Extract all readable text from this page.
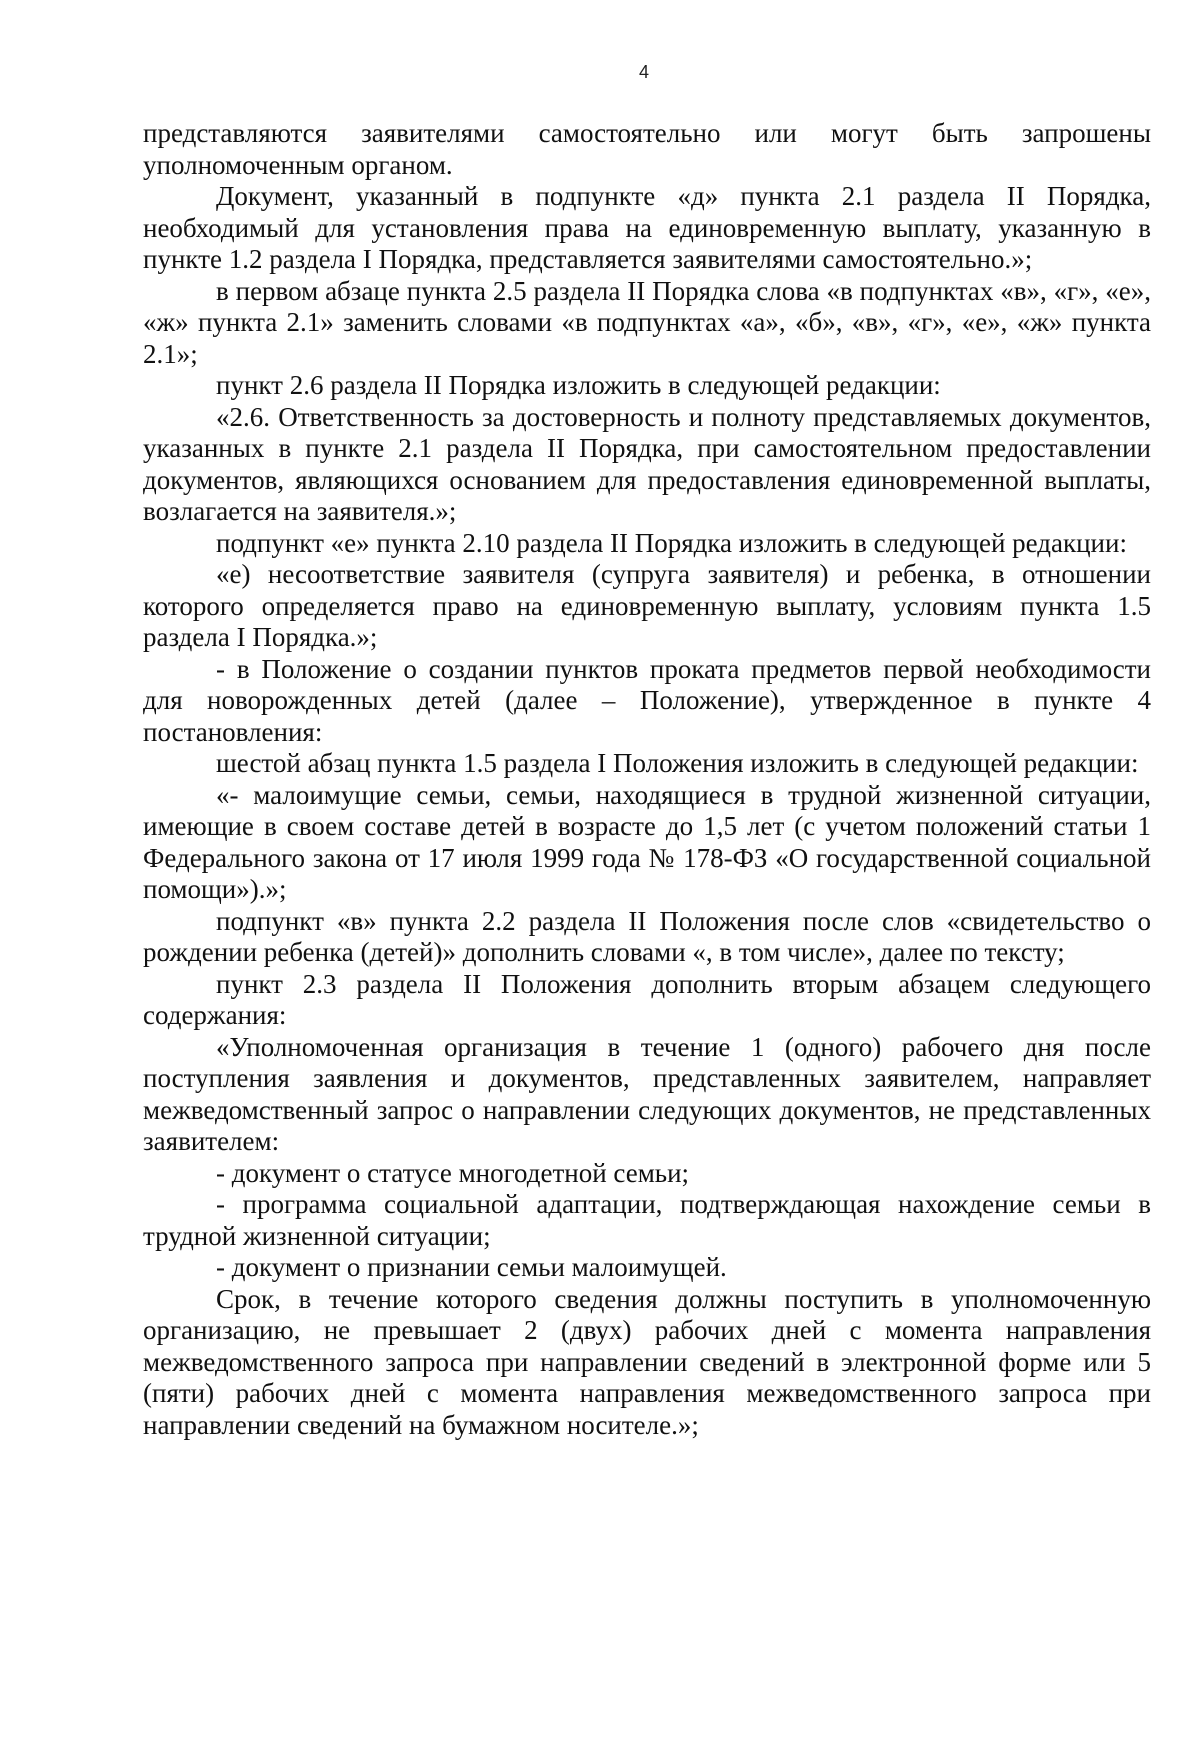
4

представляются заявителями самостоятельно или могут быть запрошены уполномоченным органом.

Документ, указанный в подпункте «д» пункта 2.1 раздела II Порядка, необходимый для установления права на единовременную выплату, указанную в пункте 1.2 раздела I Порядка, представляется заявителями самостоятельно.»;

в первом абзаце пункта 2.5 раздела II Порядка слова «в подпунктах «в», «г», «е», «ж» пункта 2.1» заменить словами «в подпунктах «а», «б», «в», «г», «е», «ж» пункта 2.1»;

пункт 2.6 раздела II Порядка изложить в следующей редакции:

«2.6. Ответственность за достоверность и полноту представляемых документов, указанных в пункте 2.1 раздела II Порядка, при самостоятельном предоставлении документов, являющихся основанием для предоставления единовременной выплаты, возлагается на заявителя.»;

подпункт «е» пункта 2.10 раздела II Порядка изложить в следующей редакции:

«е) несоответствие заявителя (супруга заявителя) и ребенка, в отношении которого определяется право на единовременную выплату, условиям пункта 1.5 раздела I Порядка.»;

- в Положение о создании пунктов проката предметов первой необходимости для новорожденных детей (далее – Положение), утвержденное в пункте 4 постановления:

шестой абзац пункта 1.5 раздела I Положения изложить в следующей редакции:

«- малоимущие семьи, семьи, находящиеся в трудной жизненной ситуации, имеющие в своем составе детей в возрасте до 1,5 лет (с учетом положений статьи 1 Федерального закона от 17 июля 1999 года № 178-ФЗ «О государственной социальной помощи»).»;

подпункт «в» пункта 2.2 раздела II Положения после слов «свидетельство о рождении ребенка (детей)» дополнить словами «, в том числе», далее по тексту;

пункт 2.3 раздела II Положения дополнить вторым абзацем следующего содержания:

«Уполномоченная организация в течение 1 (одного) рабочего дня после поступления заявления и документов, представленных заявителем, направляет межведомственный запрос о направлении следующих документов, не представленных заявителем:

- документ о статусе многодетной семьи;

- программа социальной адаптации, подтверждающая нахождение семьи в трудной жизненной ситуации;

- документ о признании семьи малоимущей.

Срок, в течение которого сведения должны поступить в уполномоченную организацию, не превышает 2 (двух) рабочих дней с момента направления межведомственного запроса при направлении сведений в электронной форме или 5 (пяти) рабочих дней с момента направления межведомственного запроса при направлении сведений на бумажном носителе.»;
